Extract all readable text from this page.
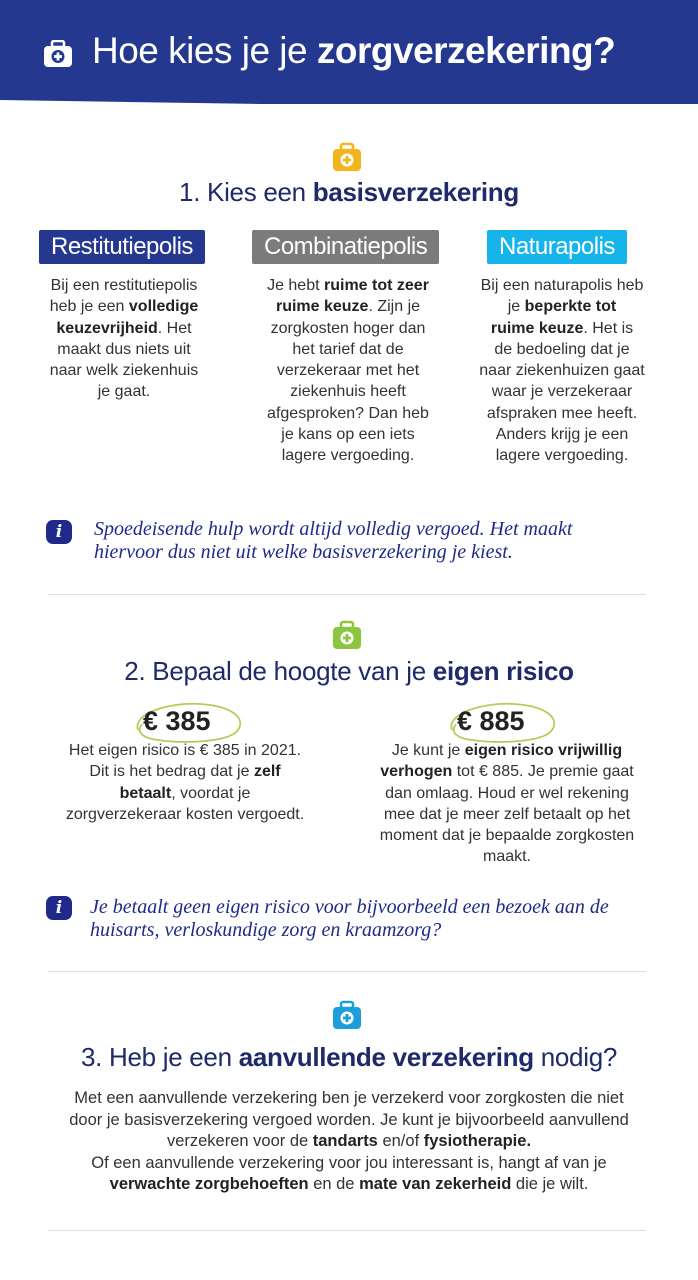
Hoe kies je je zorgverzekering?
1. Kies een basisverzekering
Restitutiepolis	Combinatiepolis	Naturapolis
Bij een restitutiepolis
heb je een volledige
keuzevrijheid. Het
maakt dus niets uit
naar welk ziekenhuis
je gaat.
Je hebt ruime tot zeer
ruime keuze. Zijn je
zorgkosten hoger dan
het tarief dat de
verzekeraar met het
ziekenhuis heeft
afgesproken? Dan heb
je kans op een iets
lagere vergoeding.
Bij een naturapolis heb
je beperkte tot
ruime keuze. Het is
de bedoeling dat je
naar ziekenhuizen gaat
waar je verzekeraar
afspraken mee heeft.
Anders krijg je een
lagere vergoeding.
i	Spoedeisende hulp wordt altijd volledig vergoed. Het maakt
hiervoor dus niet uit welke basisverzekering je kiest.
2. Bepaal de hoogte van je eigen risico
€ 385	€ 885
Het eigen risico is € 385 in 2021.
Dit is het bedrag dat je zelf
betaalt, voordat je
zorgverzekeraar kosten vergoedt.
Je kunt je eigen risico vrijwillig
verhogen tot € 885. Je premie gaat
dan omlaag. Houd er wel rekening
mee dat je meer zelf betaalt op het
moment dat je bepaalde zorgkosten
maakt.
i	Je betaalt geen eigen risico voor bijvoorbeeld een bezoek aan de
huisarts, verloskundige zorg en kraamzorg?
3. Heb je een aanvullende verzekering nodig?
Met een aanvullende verzekering ben je verzekerd voor zorgkosten die niet
door je basisverzekering vergoed worden. Je kunt je bijvoorbeeld aanvullend
verzekeren voor de tandarts en/of fysiotherapie.
Of een aanvullende verzekering voor jou interessant is, hangt af van je
verwachte zorgbehoeften en de mate van zekerheid die je wilt.
